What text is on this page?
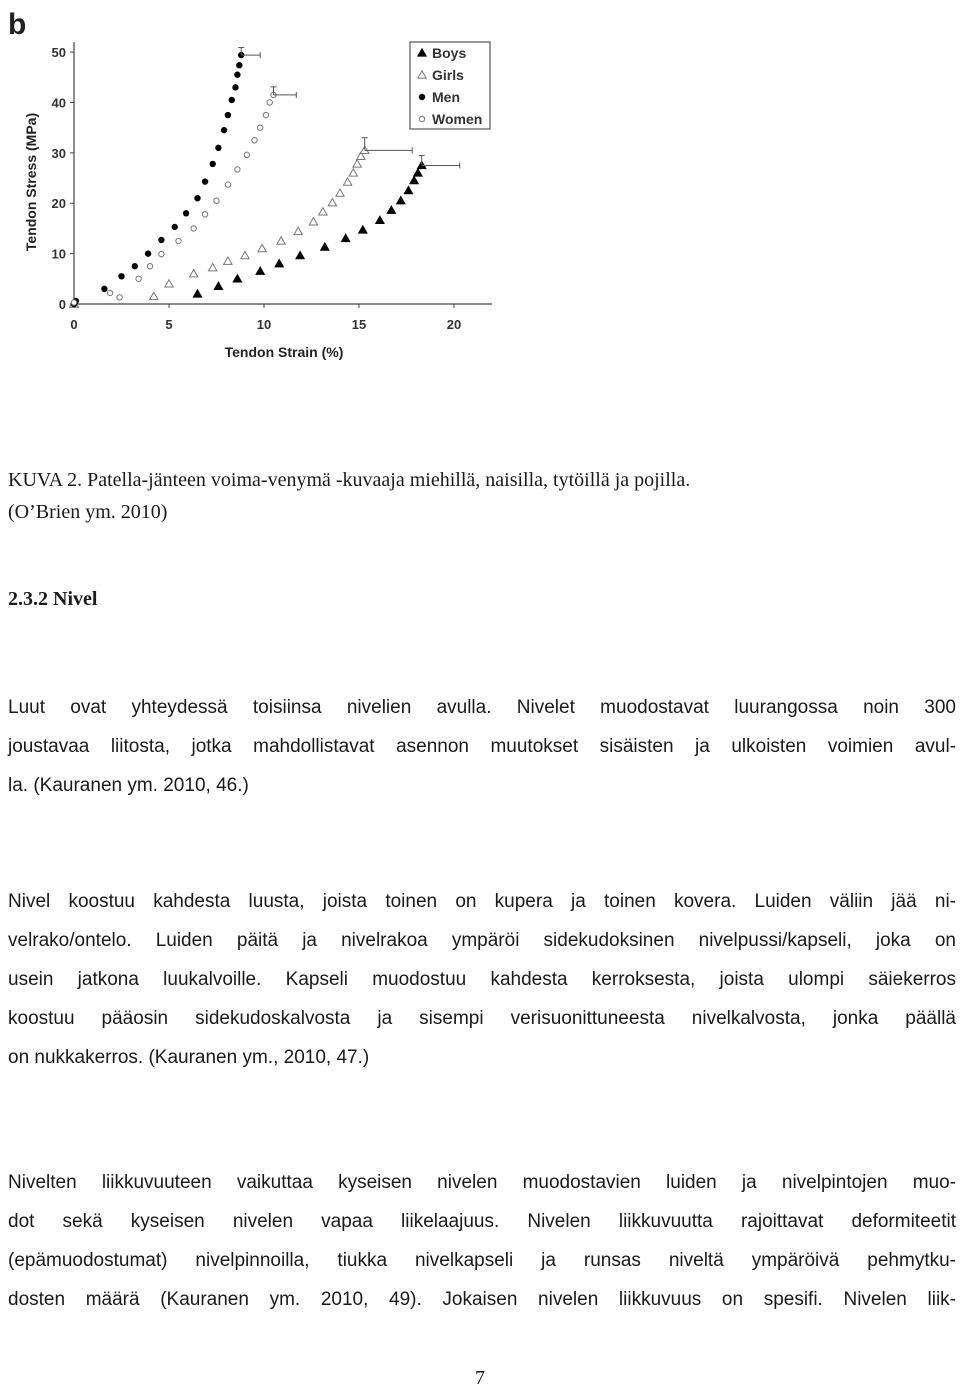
b
0	5	10	15	20
0
10
20
30
40
50	Boys
Girls
Men
Women
Tendon Strain (%)
Tendon Stress (MPa)

KUVA 2. Patella-jänteen voima-venymä -kuvaaja miehillä, naisilla, tytöillä ja pojilla.
(O’Brien ym. 2010)

2.3.2 Nivel
Luut ovat yhteydessä toisiinsa nivelien avulla. Nivelet muodostavat luurangossa noin 300
joustavaa liitosta, jotka mahdollistavat asennon muutokset sisäisten ja ulkoisten voimien avul-
la. (Kauranen ym. 2010, 46.)
Nivel koostuu kahdesta luusta, joista toinen on kupera ja toinen kovera. Luiden väliin jää ni-
velrako/ontelo. Luiden päitä ja nivelrakoa ympäröi sidekudoksinen nivelpussi/kapseli, joka on
usein jatkona luukalvoille. Kapseli muodostuu kahdesta kerroksesta, joista ulompi säiekerros
koostuu pääosin sidekudoskalvosta ja sisempi verisuonittuneesta nivelkalvosta, jonka päällä
on nukkakerros. (Kauranen ym., 2010, 47.)
Nivelten liikkuvuuteen vaikuttaa kyseisen nivelen muodostavien luiden ja nivelpintojen muo-
dot sekä kyseisen nivelen vapaa liikelaajuus. Nivelen liikkuvuutta rajoittavat deformiteetit
(epämuodostumat) nivelpinnoilla, tiukka nivelkapseli ja runsas niveltä ympäröivä pehmytku-
dosten määrä (Kauranen ym. 2010, 49). Jokaisen nivelen liikkuvuus on spesifi. Nivelen liik-
7
